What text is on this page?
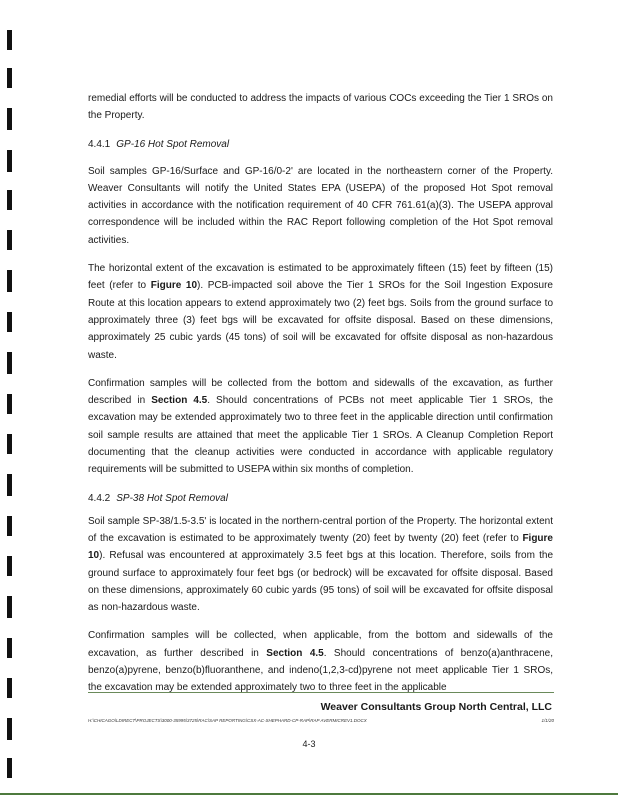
remedial efforts will be conducted to address the impacts of various COCs exceeding the Tier 1 SROs on the Property.

4.4.1 GP-16 Hot Spot Removal

Soil samples GP-16/Surface and GP-16/0-2' are located in the northeastern corner of the Property. Weaver Consultants will notify the United States EPA (USEPA) of the proposed Hot Spot removal activities in accordance with the notification requirement of 40 CFR 761.61(a)(3). The USEPA approval correspondence will be included within the RAC Report following completion of the Hot Spot removal activities.

The horizontal extent of the excavation is estimated to be approximately fifteen (15) feet by fifteen (15) feet (refer to Figure 10). PCB-impacted soil above the Tier 1 SROs for the Soil Ingestion Exposure Route at this location appears to extend approximately two (2) feet bgs. Soils from the ground surface to approximately three (3) feet bgs will be excavated for offsite disposal. Based on these dimensions, approximately 25 cubic yards (45 tons) of soil will be excavated for offsite disposal as non-hazardous waste.

Confirmation samples will be collected from the bottom and sidewalls of the excavation, as further described in Section 4.5. Should concentrations of PCBs not meet applicable Tier 1 SROs, the excavation may be extended approximately two to three feet in the applicable direction until confirmation soil sample results are attained that meet the applicable Tier 1 SROs. A Cleanup Completion Report documenting that the cleanup activities were conducted in accordance with applicable regulatory requirements will be submitted to USEPA within six months of completion.

4.4.2 SP-38 Hot Spot Removal

Soil sample SP-38/1.5-3.5' is located in the northern-central portion of the Property. The horizontal extent of the excavation is estimated to be approximately twenty (20) feet by twenty (20) feet (refer to Figure 10). Refusal was encountered at approximately 3.5 feet bgs at this location. Therefore, soils from the ground surface to approximately four feet bgs (or bedrock) will be excavated for offsite disposal. Based on these dimensions, approximately 60 cubic yards (95 tons) of soil will be excavated for offsite disposal as non-hazardous waste.

Confirmation samples will be collected, when applicable, from the bottom and sidewalls of the excavation, as further described in Section 4.5. Should concentrations of benzo(a)anthracene, benzo(a)pyrene, benzo(b)fluoranthene, and indeno(1,2,3-cd)pyrene not meet applicable Tier 1 SROs, the excavation may be extended approximately two to three feet in the applicable

Weaver Consultants Group North Central, LLC
H:\CHICAGO\LDIRECT\PROJECTS\3000-35995\3725\RAC\SAP REPORTING\CSX-AC-SHEPHARD-CP-RAP\RAP AVERMICREV1.DOCX	1/1/20
4-3
